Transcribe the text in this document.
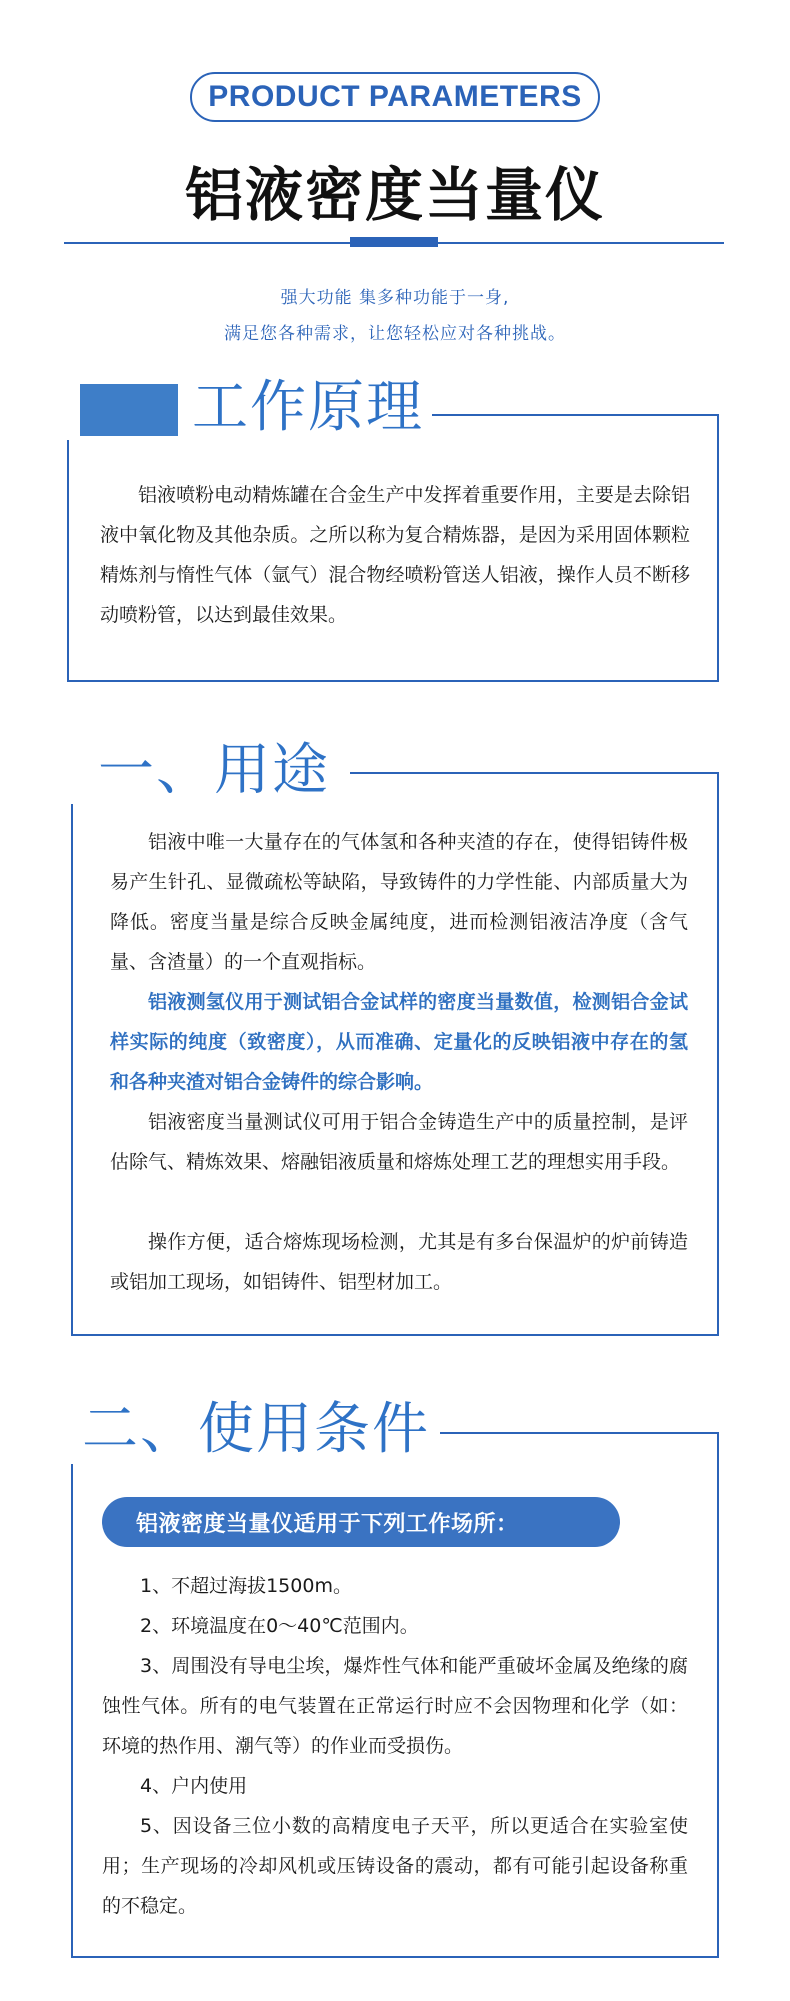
PRODUCT PARAMETERS
铝液密度当量仪
强大功能 集多种功能于一身,
满足您各种需求，让您轻松应对各种挑战。
工作原理
铝液喷粉电动精炼罐在合金生产中发挥着重要作用，主要是去除铝液中氧化物及其他杂质。之所以称为复合精炼器，是因为采用固体颗粒精炼剂与惰性气体（氩气）混合物经喷粉管送人铝液，操作人员不断移动喷粉管，以达到最佳效果。
一、用途
铝液中唯一大量存在的气体氢和各种夹渣的存在，使得铝铸件极易产生针孔、显微疏松等缺陷，导致铸件的力学性能、内部质量大为降低。密度当量是综合反映金属纯度，进而检测铝液洁净度（含气量、含渣量）的一个直观指标。
铝液测氢仪用于测试铝合金试样的密度当量数值，检测铝合金试样实际的纯度（致密度），从而准确、定量化的反映铝液中存在的氢和各种夹渣对铝合金铸件的综合影响。
铝液密度当量测试仪可用于铝合金铸造生产中的质量控制，是评估除气、精炼效果、熔融铝液质量和熔炼处理工艺的理想实用手段。
操作方便，适合熔炼现场检测，尤其是有多台保温炉的炉前铸造或铝加工现场，如铝铸件、铝型材加工。
二、使用条件
铝液密度当量仪适用于下列工作场所：
1、不超过海拔1500m。
2、环境温度在0～40℃范围内。
3、周围没有导电尘埃，爆炸性气体和能严重破坏金属及绝缘的腐蚀性气体。所有的电气装置在正常运行时应不会因物理和化学（如：环境的热作用、潮气等）的作业而受损伤。
4、户内使用
5、因设备三位小数的高精度电子天平，所以更适合在实验室使用；生产现场的冷却风机或压铸设备的震动，都有可能引起设备称重的不稳定。
